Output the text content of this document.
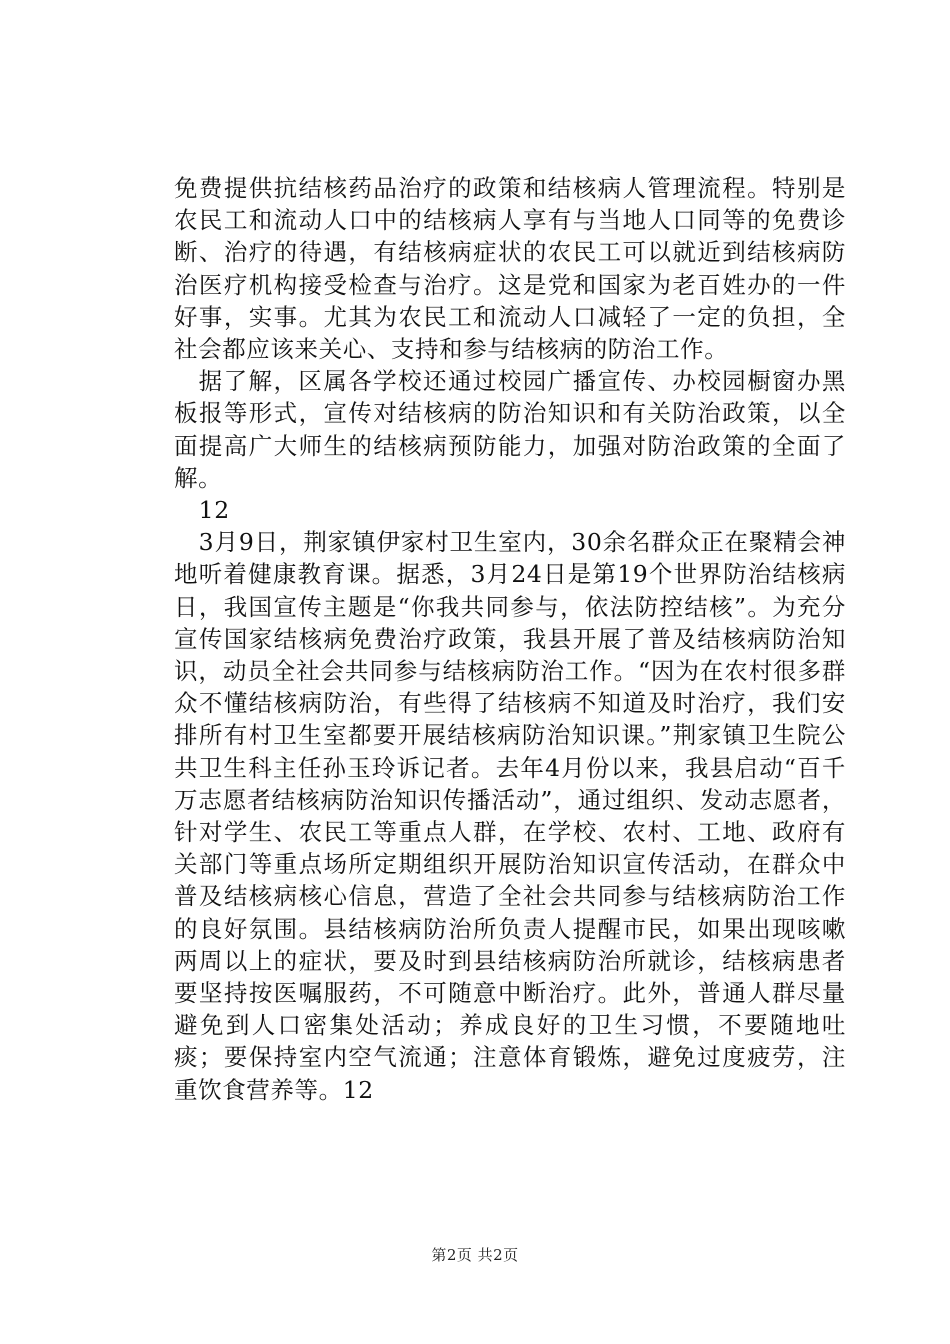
免费提供抗结核药品治疗的政策和结核病人管理流程。特别是农民工和流动人口中的结核病人享有与当地人口同等的免费诊断、治疗的待遇，有结核病症状的农民工可以就近到结核病防治医疗机构接受检查与治疗。这是党和国家为老百姓办的一件好事，实事。尤其为农民工和流动人口减轻了一定的负担，全社会都应该来关心、支持和参与结核病的防治工作。

据了解，区属各学校还通过校园广播宣传、办校园橱窗办黑板报等形式，宣传对结核病的防治知识和有关防治政策，以全面提高广大师生的结核病预防能力，加强对防治政策的全面了解。

12

3月9日，荆家镇伊家村卫生室内，30余名群众正在聚精会神地听着健康教育课。据悉，3月24日是第19个世界防治结核病日，我国宣传主题是“你我共同参与，依法防控结核”。为充分宣传国家结核病免费治疗政策，我县开展了普及结核病防治知识，动员全社会共同参与结核病防治工作。“因为在农村很多群众不懂结核病防治，有些得了结核病不知道及时治疗，我们安排所有村卫生室都要开展结核病防治知识课。”荆家镇卫生院公共卫生科主任孙玉玲诉记者。去年4月份以来，我县启动“百千万志愿者结核病防治知识传播活动”，通过组织、发动志愿者，针对学生、农民工等重点人群，在学校、农村、工地、政府有关部门等重点场所定期组织开展防治知识宣传活动，在群众中普及结核病核心信息，营造了全社会共同参与结核病防治工作的良好氛围。县结核病防治所负责人提醒市民，如果出现咳嗽两周以上的症状，要及时到县结核病防治所就诊，结核病患者要坚持按医嘱服药，不可随意中断治疗。此外，普通人群尽量避免到人口密集处活动；养成良好的卫生习惯，不要随地吐痰；要保持室内空气流通；注意体育锻炼，避免过度疲劳，注重饮食营养等。12

第2页 共2页
